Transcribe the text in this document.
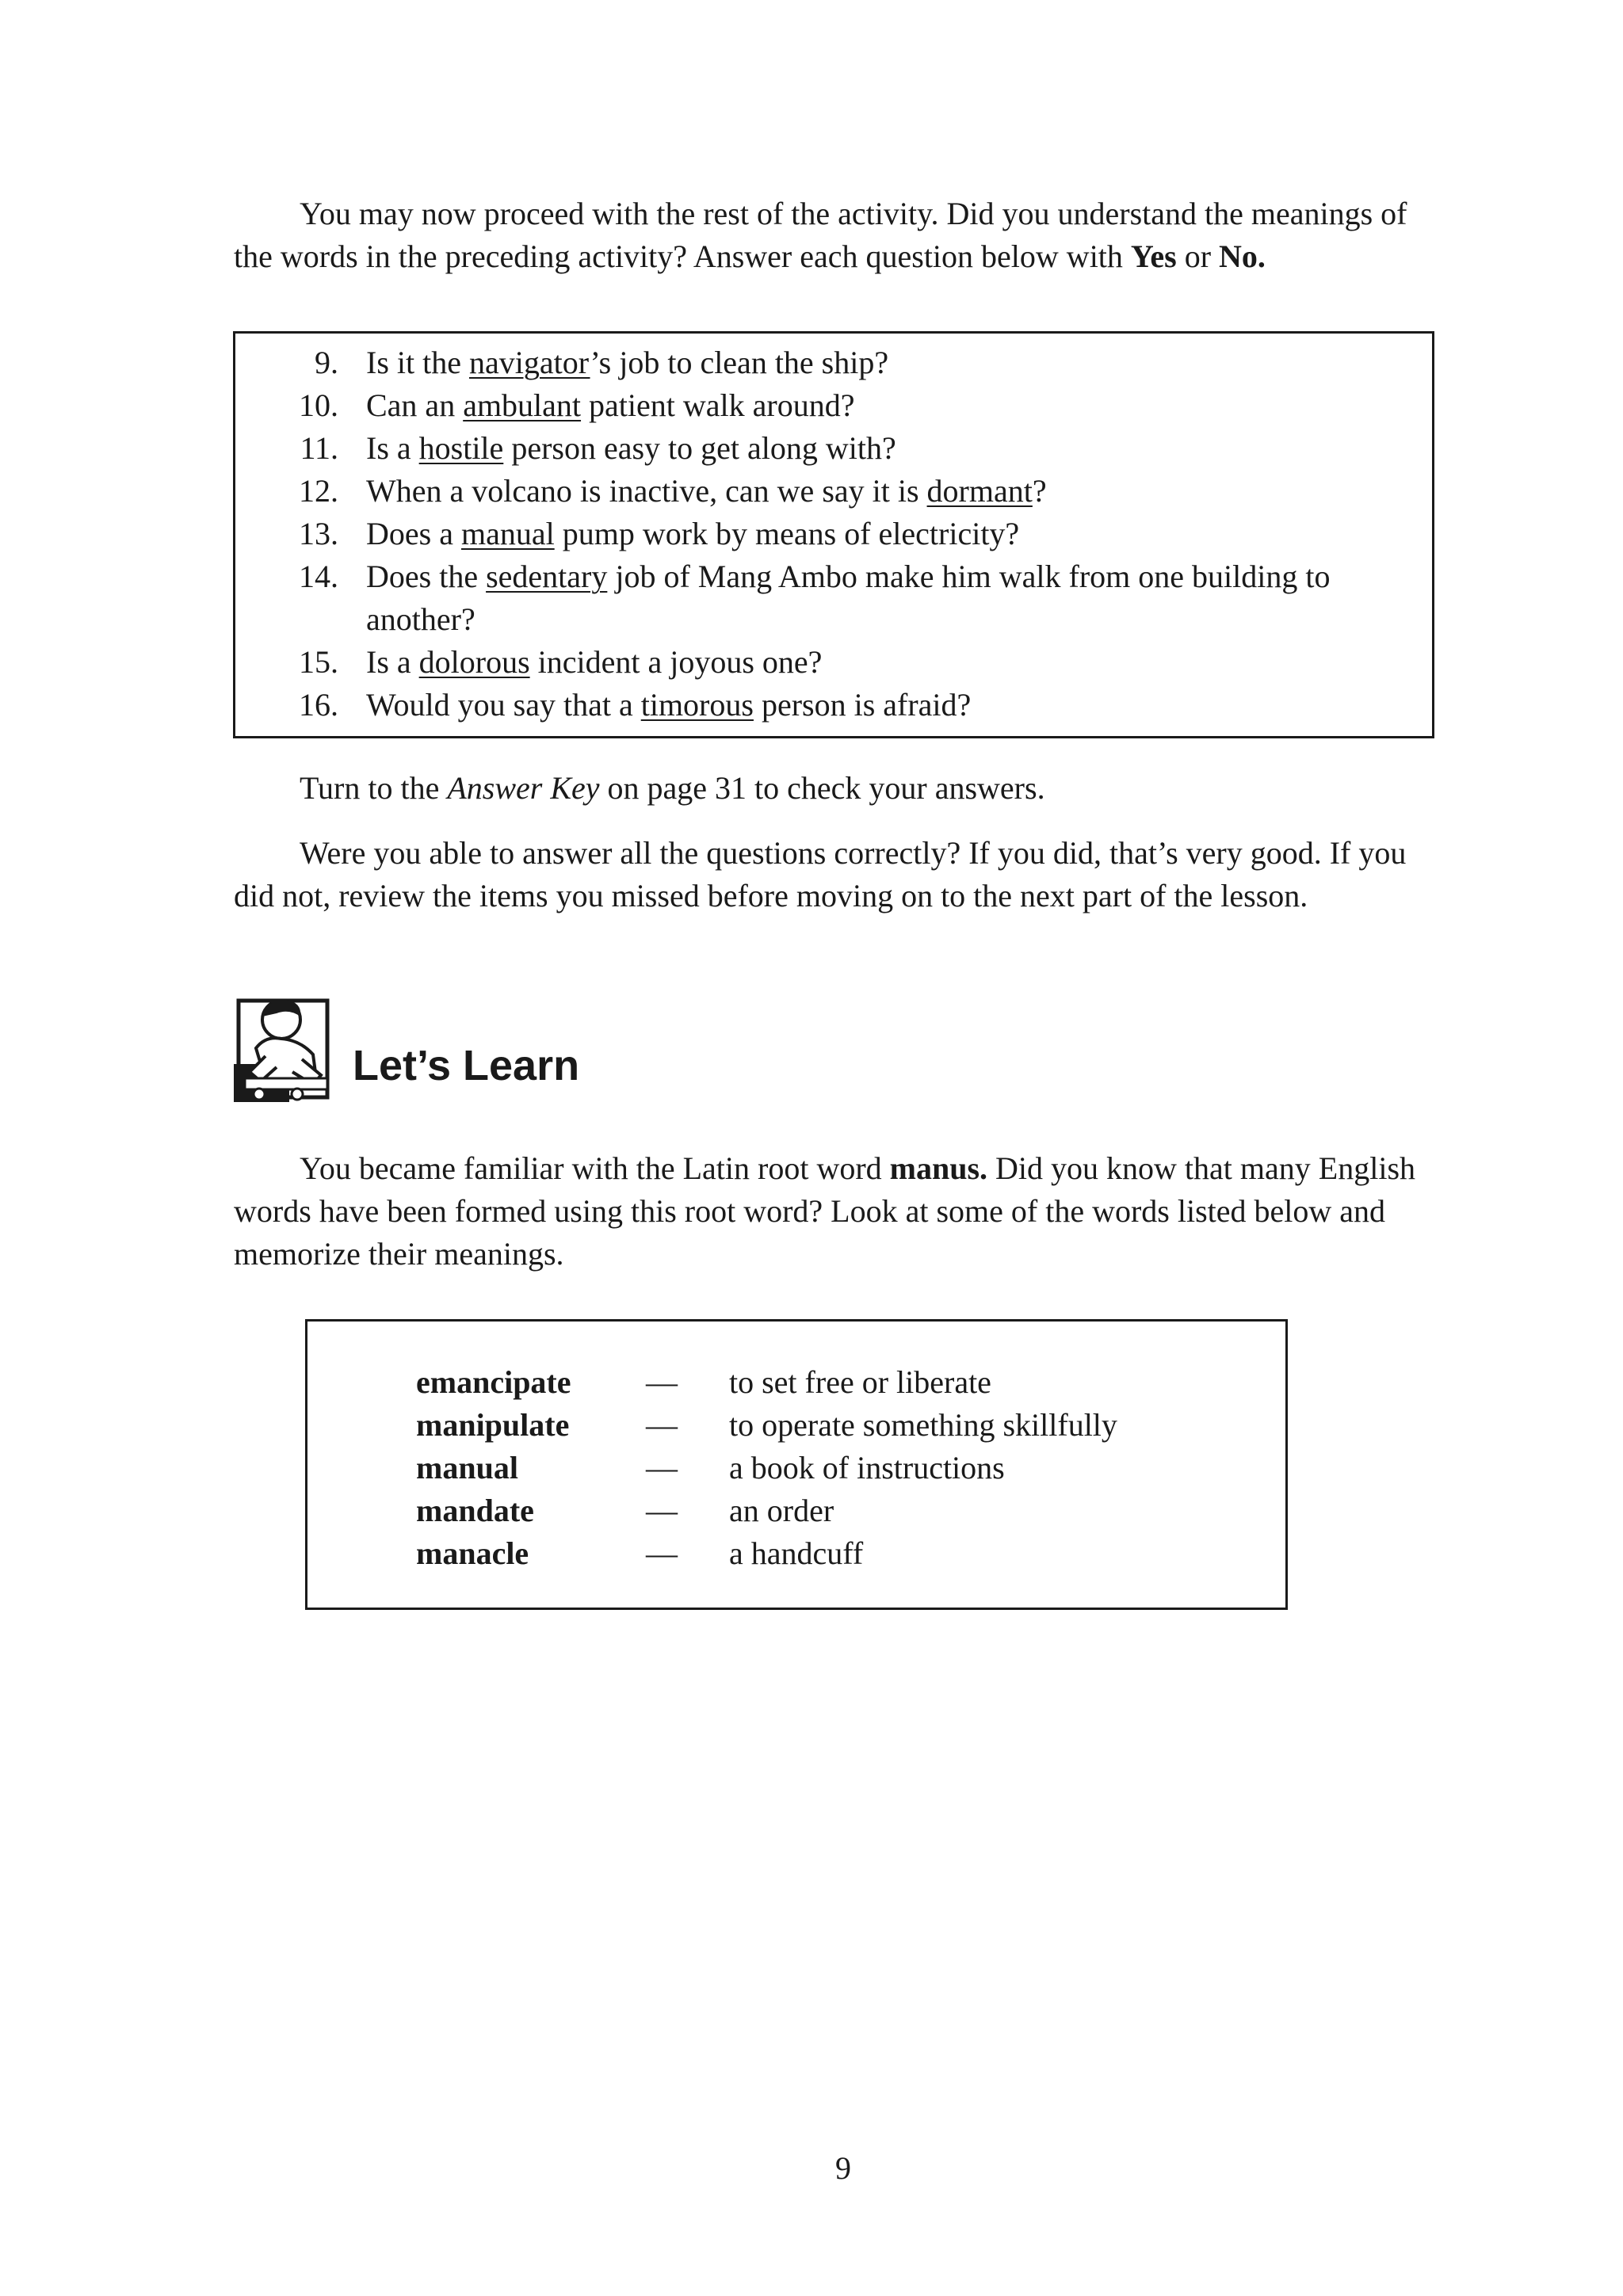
You may now proceed with the rest of the activity. Did you understand the meanings of the words in the preceding activity? Answer each question below with Yes or No.

9. Is it the navigator’s job to clean the ship?
10. Can an ambulant patient walk around?
11. Is a hostile person easy to get along with?
12. When a volcano is inactive, can we say it is dormant?
13. Does a manual pump work by means of electricity?
14. Does the sedentary job of Mang Ambo make him walk from one building to another?
15. Is a dolorous incident a joyous one?
16. Would you say that a timorous person is afraid?

Turn to the Answer Key on page 31 to check your answers.

Were you able to answer all the questions correctly? If you did, that’s very good. If you did not, review the items you missed before moving on to the next part of the lesson.

Let’s Learn

You became familiar with the Latin root word manus. Did you know that many English words have been formed using this root word? Look at some of the words listed below and memorize their meanings.

emancipate	— to set free or liberate
manipulate	— to operate something skillfully
manual	— a book of instructions
mandate	— an order
manacle	— a handcuff

9
